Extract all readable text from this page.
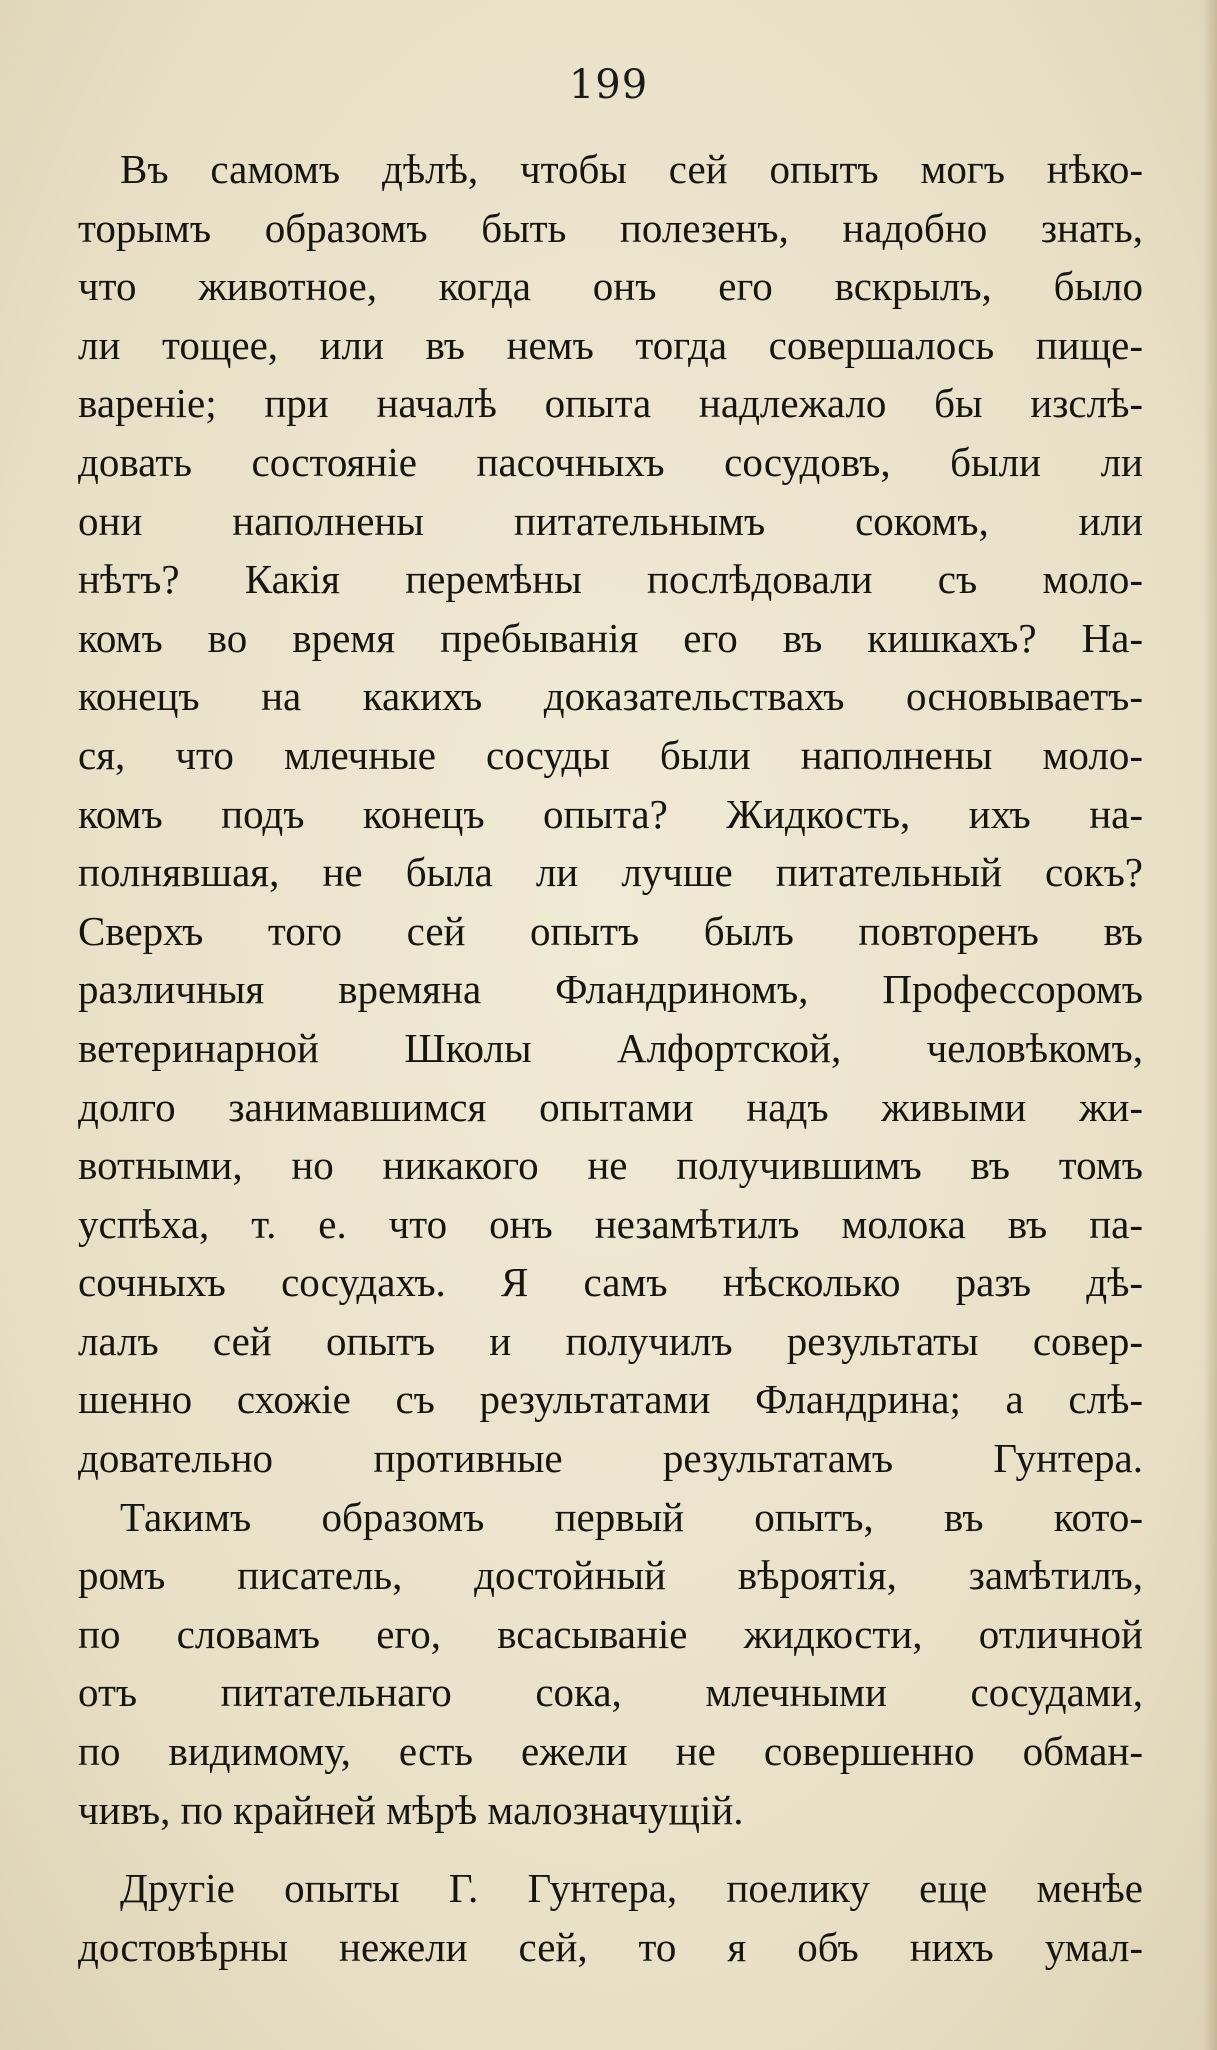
199
Въ самомъ дѣлѣ, чтобы сей опытъ могъ нѣко-
торымъ образомъ быть полезенъ, надобно знать,
что животное, когда онъ его вскрылъ, было
ли тощее, или въ немъ тогда совершалось пище-
вареніе; при началѣ опыта надлежало бы изслѣ-
довать состояніе пасочныхъ сосудовъ, были ли
они наполнены питательнымъ сокомъ, или
нѣтъ? Какія перемѣны послѣдовали съ моло-
комъ во время пребыванія его въ кишкахъ? На-
конецъ на какихъ доказательствахъ основываетъ-
ся, что млечные сосуды были наполнены моло-
комъ подъ конецъ опыта? Жидкость, ихъ на-
полнявшая, не была ли лучше питательный сокъ?
Сверхъ того сей опытъ былъ повторенъ въ
различныя времяна Фландриномъ, Профессоромъ
ветеринарной Школы Алфортской, человѣкомъ,
долго занимавшимся опытами надъ живыми жи-
вотными, но никакого не получившимъ въ томъ
успѣха, т. е. что онъ незамѣтилъ молока въ па-
сочныхъ сосудахъ. Я самъ нѣсколько разъ дѣ-
лалъ сей опытъ и получилъ результаты совер-
шенно схожіе съ результатами Фландрина; а слѣ-
довательно противные результатамъ Гунтера.
Такимъ образомъ первый опытъ, въ кото-
ромъ писатель, достойный вѣроятія, замѣтилъ,
по словамъ его, всасываніе жидкости, отличной
отъ питательнаго сока, млечными сосудами,
по видимому, есть ежели не совершенно обман-
чивъ, по крайней мѣрѣ малозначущій.
Другіе опыты Г. Гунтера, поелику еще менѣе
достовѣрны нежели сей, то я объ нихъ умал-
